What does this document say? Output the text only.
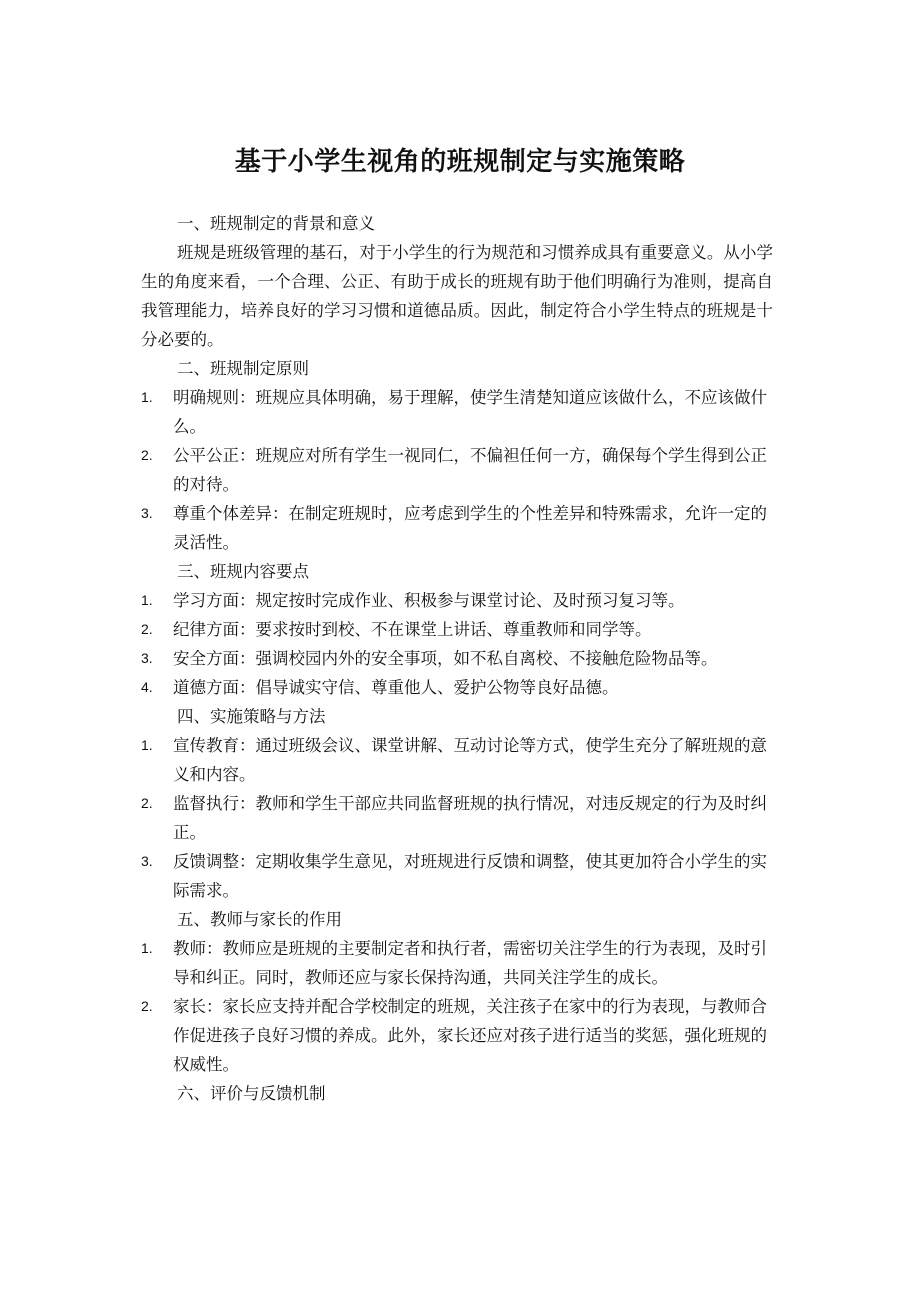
基于小学生视角的班规制定与实施策略

一、班规制定的背景和意义

班规是班级管理的基石，对于小学生的行为规范和习惯养成具有重要意义。从小学生的角度来看，一个合理、公正、有助于成长的班规有助于他们明确行为准则，提高自我管理能力，培养良好的学习习惯和道德品质。因此，制定符合小学生特点的班规是十分必要的。

二、班规制定原则

1. 明确规则：班规应具体明确，易于理解，使学生清楚知道应该做什么，不应该做什么。
2. 公平公正：班规应对所有学生一视同仁，不偏袒任何一方，确保每个学生得到公正的对待。
3. 尊重个体差异：在制定班规时，应考虑到学生的个性差异和特殊需求，允许一定的灵活性。

三、班规内容要点

1. 学习方面：规定按时完成作业、积极参与课堂讨论、及时预习复习等。
2. 纪律方面：要求按时到校、不在课堂上讲话、尊重教师和同学等。
3. 安全方面：强调校园内外的安全事项，如不私自离校、不接触危险物品等。
4. 道德方面：倡导诚实守信、尊重他人、爱护公物等良好品德。

四、实施策略与方法

1. 宣传教育：通过班级会议、课堂讲解、互动讨论等方式，使学生充分了解班规的意义和内容。
2. 监督执行：教师和学生干部应共同监督班规的执行情况，对违反规定的行为及时纠正。
3. 反馈调整：定期收集学生意见，对班规进行反馈和调整，使其更加符合小学生的实际需求。

五、教师与家长的作用

1. 教师：教师应是班规的主要制定者和执行者，需密切关注学生的行为表现，及时引导和纠正。同时，教师还应与家长保持沟通，共同关注学生的成长。
2. 家长：家长应支持并配合学校制定的班规，关注孩子在家中的行为表现，与教师合作促进孩子良好习惯的养成。此外，家长还应对孩子进行适当的奖惩，强化班规的权威性。

六、评价与反馈机制
